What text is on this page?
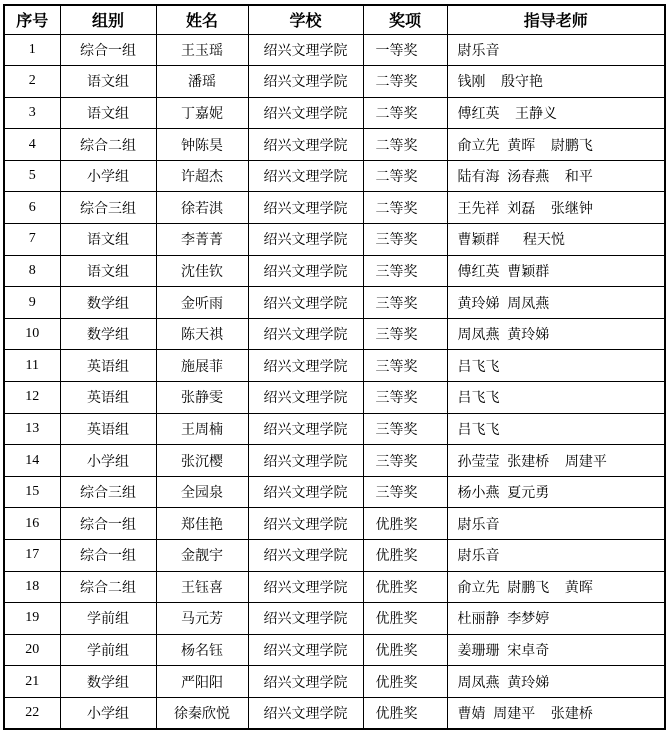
序号	组别	姓名	学校	奖项	指导老师
1	综合一组	王玉瑶	绍兴文理学院	一等奖	尉乐音
2	语文组	潘瑶	绍兴文理学院	二等奖	钱刚    殷守艳
3	语文组	丁嘉妮	绍兴文理学院	二等奖	傅红英    王静义
4	综合二组	钟陈昊	绍兴文理学院	二等奖	俞立先  黄晖    尉鹏飞
5	小学组	许超杰	绍兴文理学院	二等奖	陆有海  汤春燕    和平
6	综合三组	徐若淇	绍兴文理学院	二等奖	王先祥  刘磊    张继钟
7	语文组	李菁菁	绍兴文理学院	三等奖	曹颖群      程天悦
8	语文组	沈佳钦	绍兴文理学院	三等奖	傅红英  曹颖群
9	数学组	金听雨	绍兴文理学院	三等奖	黄玲娣  周凤燕
10	数学组	陈天祺	绍兴文理学院	三等奖	周凤燕  黄玲娣
11	英语组	施展菲	绍兴文理学院	三等奖	吕飞飞
12	英语组	张静雯	绍兴文理学院	三等奖	吕飞飞
13	英语组	王周楠	绍兴文理学院	三等奖	吕飞飞
14	小学组	张沉樱	绍兴文理学院	三等奖	孙莹莹  张建桥    周建平
15	综合三组	全园泉	绍兴文理学院	三等奖	杨小燕  夏元勇
16	综合一组	郑佳艳	绍兴文理学院	优胜奖	尉乐音
17	综合一组	金靓宇	绍兴文理学院	优胜奖	尉乐音
18	综合二组	王钰喜	绍兴文理学院	优胜奖	俞立先  尉鹏飞    黄晖
19	学前组	马元芳	绍兴文理学院	优胜奖	杜丽静  李梦婷
20	学前组	杨名钰	绍兴文理学院	优胜奖	姜珊珊  宋卓奇
21	数学组	严阳阳	绍兴文理学院	优胜奖	周凤燕  黄玲娣
22	小学组	徐秦欣悦	绍兴文理学院	优胜奖	曹婧  周建平    张建桥
